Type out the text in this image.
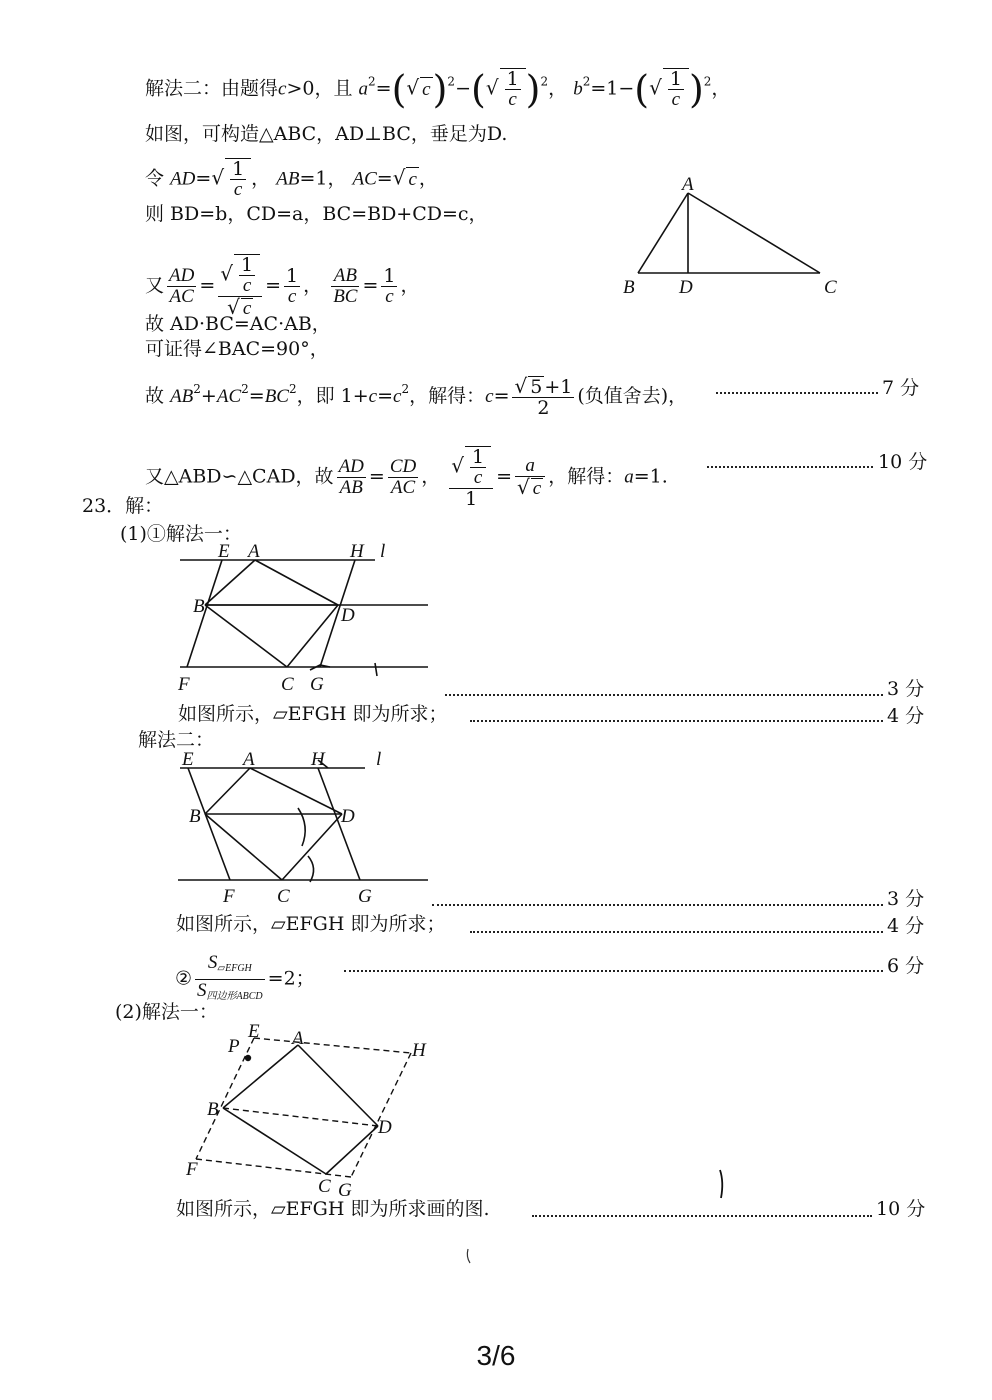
解法二：由题得c>0，且 $a^2=(√$ $c)^2-(√ \frac{1}{c} )^2$， $b^2=1-(√ \frac{1}{c} )^2$，
如图，可构造△ABC，AD⊥BC，垂足为D.
令 $AD=√ \frac{1}{c}$ ， AB=1， AC=√ c ，
则 BD=b，CD=a，BC=BD+CD=c，
又 $\frac{AD}{AC} = \frac{√ \frac{1}{c}}{√ c} = \frac{1}{c}$ ， $\frac{AB}{BC} = \frac{1}{c}$ ，
故 AD·BC=AC·AB，
可证得∠BAC=90°，
故 $AB^2+AC^2=BC^2$，即 $1+c=c^2$，解得：$c= \frac{√ 5 +1}{2}$ (负值舍去)，	7 分
又△ABD∽△CAD，故 $\frac{AD}{AB} = \frac{CD}{AC}$ ， $\frac{√ \frac{1}{c}}{1} = \frac{a}{√ c}$ ，解得：a=1.
10 分
A
B D	C
23．解：
(1)①解法一：
E A	H l
B	D
F	C G	3 分
如图所示，▱EFGH 即为所求；	4 分
解法二：
E	A	H	l
B	D
F C	G	3 分
如图所示，▱EFGH 即为所求；	4 分
② $\frac{S_{▱EFGH}}{S_{四边形ABCD}} =2$；
6 分
(2)解法一：
P
E A
H
B
D
F
C G
如图所示，▱EFGH 即为所求画的图.	10 分
3/6
